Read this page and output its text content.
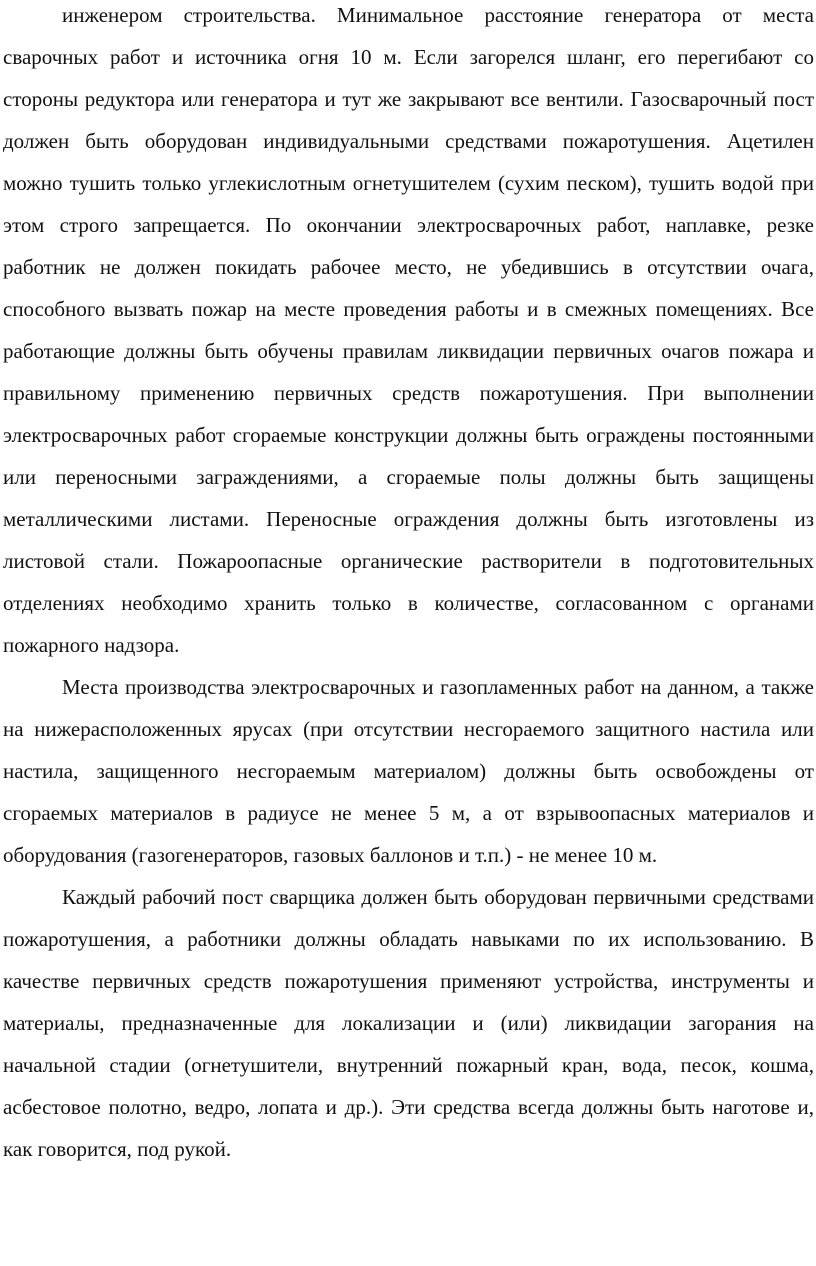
инженером строительства. Минимальное расстояние генератора от места сварочных работ и источника огня 10 м. Если загорелся шланг, его перегибают со стороны редуктора или генератора и тут же закрывают все вентили. Газосварочный пост должен быть оборудован индивидуальными средствами пожаротушения. Ацетилен можно тушить только углекислотным огнетушителем (сухим песком), тушить водой при этом строго запрещается. По окончании электросварочных работ, наплавке, резке работник не должен покидать рабочее место, не убедившись в отсутствии очага, способного вызвать пожар на месте проведения работы и в смежных помещениях. Все работающие должны быть обучены правилам ликвидации первичных очагов пожара и правильному применению первичных средств пожаротушения. При выполнении электросварочных работ сгораемые конструкции должны быть ограждены постоянными или переносными заграждениями, а сгораемые полы должны быть защищены металлическими листами. Переносные ограждения должны быть изготовлены из листовой стали. Пожароопасные органические растворители в подготовительных отделениях необходимо хранить только в количестве, согласованном с органами пожарного надзора.

Места производства электросварочных и газопламенных работ на данном, а также на нижерасположенных ярусах (при отсутствии несгораемого защитного настила или настила, защищенного несгораемым материалом) должны быть освобождены от сгораемых материалов в радиусе не менее 5 м, а от взрывоопасных материалов и оборудования (газогенераторов, газовых баллонов и т.п.) - не менее 10 м.

Каждый рабочий пост сварщика должен быть оборудован первичными средствами пожаротушения, а работники должны обладать навыками по их использованию. В качестве первичных средств пожаротушения применяют устройства, инструменты и материалы, предназначенные для локализации и (или) ликвидации загорания на начальной стадии (огнетушители, внутренний пожарный кран, вода, песок, кошма, асбестовое полотно, ведро, лопата и др.). Эти средства всегда должны быть наготове и, как говорится, под рукой.
